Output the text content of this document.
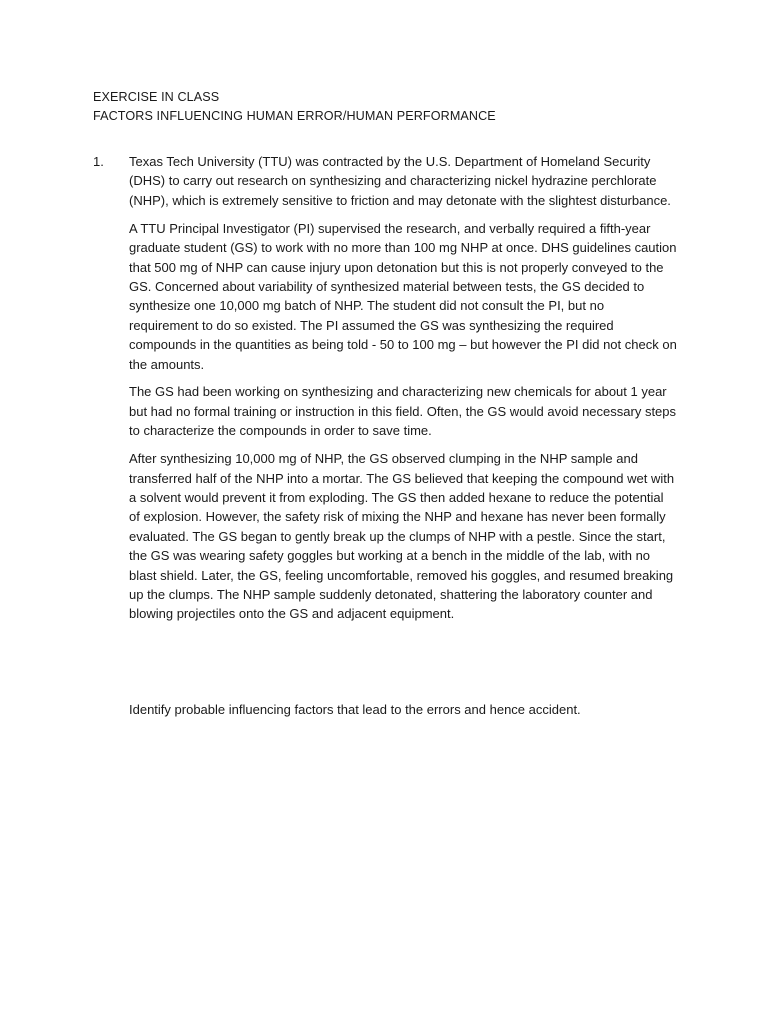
EXERCISE IN CLASS
FACTORS INFLUENCING HUMAN ERROR/HUMAN PERFORMANCE
1. Texas Tech University (TTU) was contracted by the U.S. Department of Homeland Security (DHS) to carry out research on synthesizing and characterizing nickel hydrazine perchlorate (NHP), which is extremely sensitive to friction and may detonate with the slightest disturbance.

A TTU Principal Investigator (PI) supervised the research, and verbally required a fifth-year graduate student (GS) to work with no more than 100 mg NHP at once. DHS guidelines caution that 500 mg of NHP can cause injury upon detonation but this is not properly conveyed to the GS. Concerned about variability of synthesized material between tests, the GS decided to synthesize one 10,000 mg batch of NHP. The student did not consult the PI, but no requirement to do so existed. The PI assumed the GS was synthesizing the required compounds in the quantities as being told - 50 to 100 mg – but however the PI did not check on the amounts.

The GS had been working on synthesizing and characterizing new chemicals for about 1 year but had no formal training or instruction in this field. Often, the GS would avoid necessary steps to characterize the compounds in order to save time.

After synthesizing 10,000 mg of NHP, the GS observed clumping in the NHP sample and transferred half of the NHP into a mortar. The GS believed that keeping the compound wet with a solvent would prevent it from exploding. The GS then added hexane to reduce the potential of explosion. However, the safety risk of mixing the NHP and hexane has never been formally evaluated. The GS began to gently break up the clumps of NHP with a pestle. Since the start, the GS was wearing safety goggles but working at a bench in the middle of the lab, with no blast shield. Later, the GS, feeling uncomfortable, removed his goggles, and resumed breaking up the clumps. The NHP sample suddenly detonated, shattering the laboratory counter and blowing projectiles onto the GS and adjacent equipment.

Identify probable influencing factors that lead to the errors and hence accident.
